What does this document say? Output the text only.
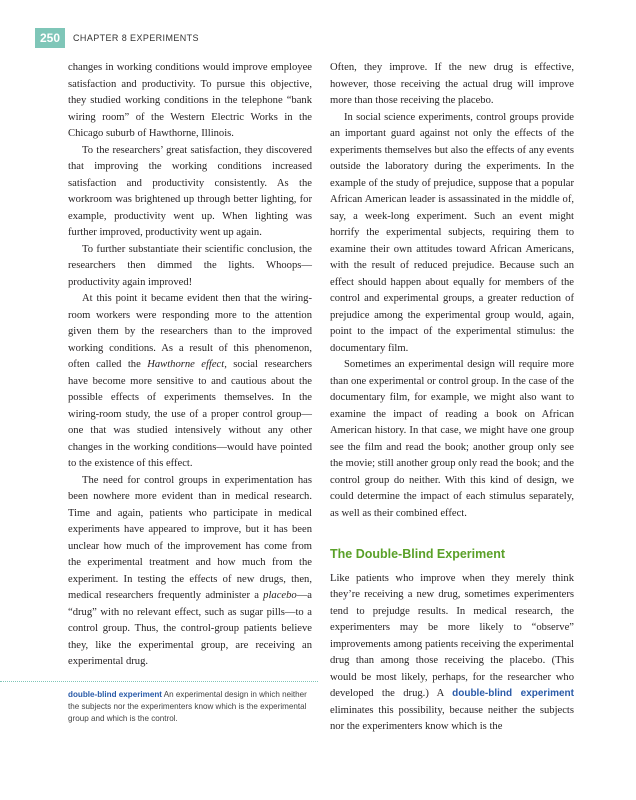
250	CHAPTER 8 EXPERIMENTS

changes in working conditions would improve employee satisfaction and productivity. To pursue this objective, they studied working conditions in the telephone “bank wiring room” of the Western Electric Works in the Chicago suburb of Hawthorne, Illinois.

To the researchers’ great satisfaction, they discovered that improving the working conditions increased satisfaction and productivity consistently. As the workroom was brightened up through better lighting, for example, productivity went up. When lighting was further improved, productivity went up again.

To further substantiate their scientific conclusion, the researchers then dimmed the lights. Whoops—productivity again improved!

At this point it became evident then that the wiring-room workers were responding more to the attention given them by the researchers than to the improved working conditions. As a result of this phenomenon, often called the Hawthorne effect, social researchers have become more sensitive to and cautious about the possible effects of experiments themselves. In the wiring-room study, the use of a proper control group—one that was studied intensively without any other changes in the working conditions—would have pointed to the existence of this effect.

The need for control groups in experimentation has been nowhere more evident than in medical research. Time and again, patients who participate in medical experiments have appeared to improve, but it has been unclear how much of the improvement has come from the experimental treatment and how much from the experiment. In testing the effects of new drugs, then, medical researchers frequently administer a placebo—a “drug” with no relevant effect, such as sugar pills—to a control group. Thus, the control-group patients believe they, like the experimental group, are receiving an experimental drug.

Often, they improve. If the new drug is effective, however, those receiving the actual drug will improve more than those receiving the placebo.

In social science experiments, control groups provide an important guard against not only the effects of the experiments themselves but also the effects of any events outside the laboratory during the experiments. In the example of the study of prejudice, suppose that a popular African American leader is assassinated in the middle of, say, a week-long experiment. Such an event might horrify the experimental subjects, requiring them to examine their own attitudes toward African Americans, with the result of reduced prejudice. Because such an effect should happen about equally for members of the control and experimental groups, a greater reduction of prejudice among the experimental group would, again, point to the impact of the experimental stimulus: the documentary film.

Sometimes an experimental design will require more than one experimental or control group. In the case of the documentary film, for example, we might also want to examine the impact of reading a book on African American history. In that case, we might have one group see the film and read the book; another group only see the movie; still another group only read the book; and the control group do neither. With this kind of design, we could determine the impact of each stimulus separately, as well as their combined effect.

The Double-Blind Experiment

Like patients who improve when they merely think they’re receiving a new drug, sometimes experimenters tend to prejudge results. In medical research, the experimenters may be more likely to “observe” improvements among patients receiving the experimental drug than among those receiving the placebo. (This would be most likely, perhaps, for the researcher who developed the drug.) A double-blind experiment eliminates this possibility, because neither the subjects nor the experimenters know which is the

double-blind experiment An experimental design in which neither the subjects nor the experimenters know which is the experimental group and which is the control.
